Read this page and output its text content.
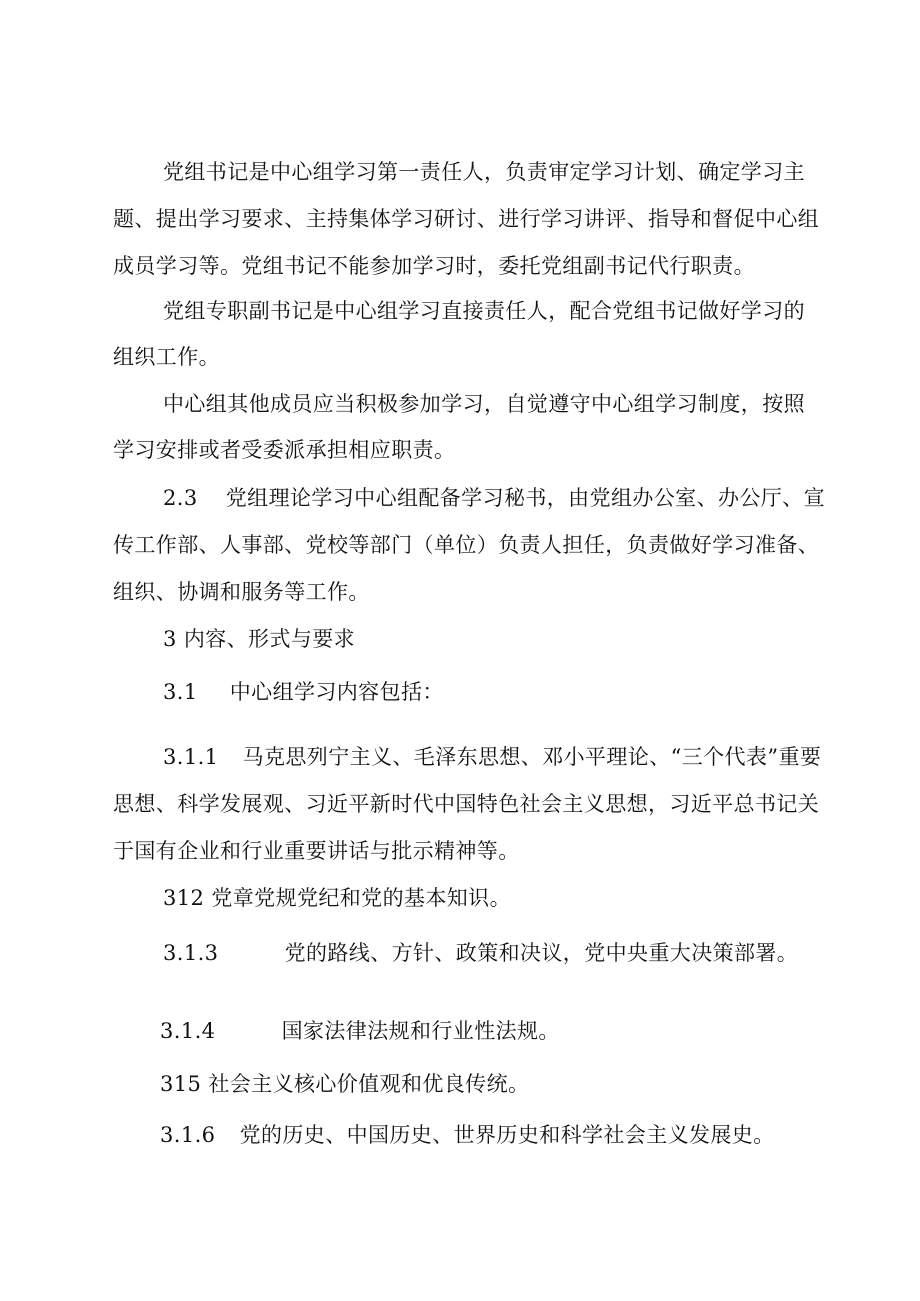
党组书记是中心组学习第一责任人，负责审定学习计划、确定学习主
题、提出学习要求、主持集体学习研讨、进行学习讲评、指导和督促中心组
成员学习等。党组书记不能参加学习时，委托党组副书记代行职责。
党组专职副书记是中心组学习直接责任人，配合党组书记做好学习的
组织工作。
中心组其他成员应当积极参加学习，自觉遵守中心组学习制度，按照
学习安排或者受委派承担相应职责。
2.3 党组理论学习中心组配备学习秘书，由党组办公室、办公厅、宣
传工作部、人事部、党校等部门（单位）负责人担任，负责做好学习准备、
组织、协调和服务等工作。
3 内容、形式与要求
3.1 中心组学习内容包括：
3.1.1 马克思列宁主义、毛泽东思想、邓小平理论、“三个代表”重要
思想、科学发展观、习近平新时代中国特色社会主义思想，习近平总书记关
于国有企业和行业重要讲话与批示精神等。
312 党章党规党纪和党的基本知识。
3.1.3	党的路线、方针、政策和决议，党中央重大决策部署。
3.1.4	国家法律法规和行业性法规。
315 社会主义核心价值观和优良传统。
3.1.6 党的历史、中国历史、世界历史和科学社会主义发展史。
